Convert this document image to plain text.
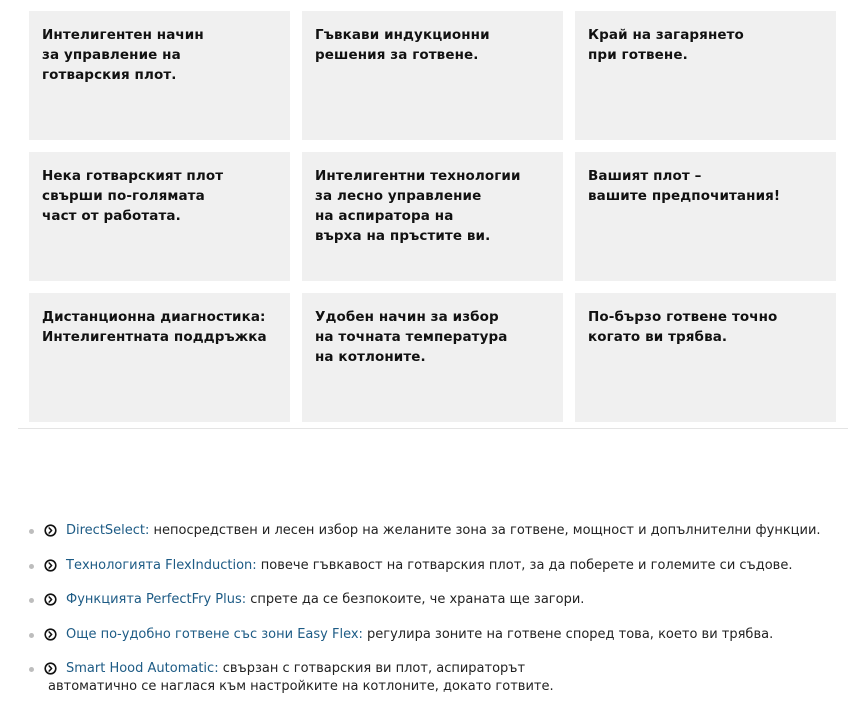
Интелигентен начин
за управление на
готварския плот.
Гъвкави индукционни
решения за готвене.
Край на загарянето
при готвене.
Нека готварският плот
свърши по-голямата
част от работата.
Интелигентни технологии
за лесно управление
на аспиратора на
върха на пръстите ви.
Вашият плот –
вашите предпочитания!
Дистанционна диагностика:
Интелигентната поддръжка
Удобен начин за избор
на точната температура
на котлоните.
По-бързо готвене точно
когато ви трябва.
DirectSelect: непосредствен и лесен избор на желаните зона за готвене, мощност и допълнителни функции.
Технологията FlexInduction: повече гъвкавост на готварския плот, за да поберете и големите си съдове.
Функцията PerfectFry Plus: спрете да се безпокоите, че храната ще загори.
Още по-удобно готвене със зони Easy Flex: регулира зоните на готвене според това, което ви трябва.
Smart Hood Automatic: свързан с готварския ви плот, аспираторът
автоматично се наглася към настройките на котлоните, докато готвите.
